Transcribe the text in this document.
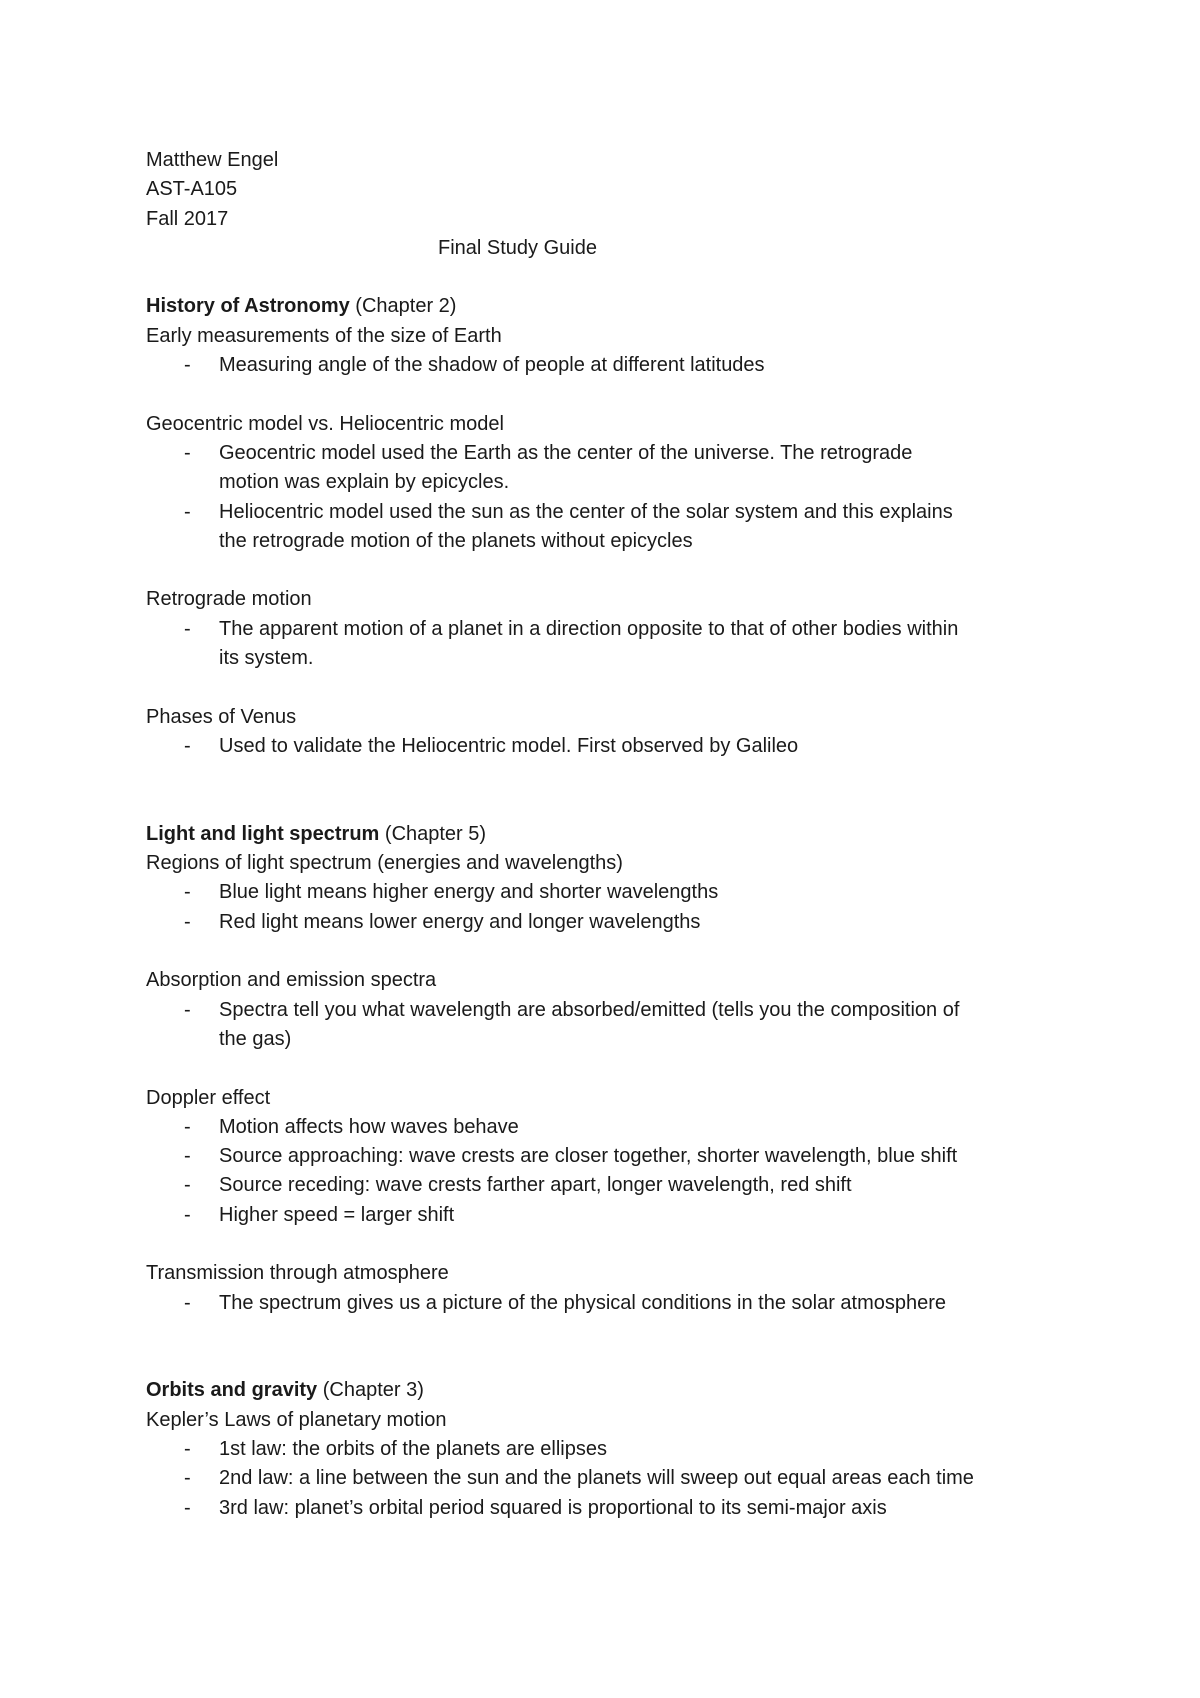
Matthew Engel
AST-A105
Fall 2017
Final Study Guide
History of Astronomy (Chapter 2)
Early measurements of the size of Earth
- Measuring angle of the shadow of people at different latitudes
Geocentric model vs. Heliocentric model
- Geocentric model used the Earth as the center of the universe. The retrograde
motion was explain by epicycles.
- Heliocentric model used the sun as the center of the solar system and this explains
the retrograde motion of the planets without epicycles
Retrograde motion
- The apparent motion of a planet in a direction opposite to that of other bodies within
its system.
Phases of Venus
- Used to validate the Heliocentric model. First observed by Galileo
Light and light spectrum (Chapter 5)
Regions of light spectrum (energies and wavelengths)
- Blue light means higher energy and shorter wavelengths
- Red light means lower energy and longer wavelengths
Absorption and emission spectra
- Spectra tell you what wavelength are absorbed/emitted (tells you the composition of
the gas)
Doppler effect
- Motion affects how waves behave
- Source approaching: wave crests are closer together, shorter wavelength, blue shift
- Source receding: wave crests farther apart, longer wavelength, red shift
- Higher speed = larger shift
Transmission through atmosphere
- The spectrum gives us a picture of the physical conditions in the solar atmosphere
Orbits and gravity (Chapter 3)
Kepler’s Laws of planetary motion
- 1st law: the orbits of the planets are ellipses
- 2nd law: a line between the sun and the planets will sweep out equal areas each time
- 3rd law: planet’s orbital period squared is proportional to its semi-major axis
